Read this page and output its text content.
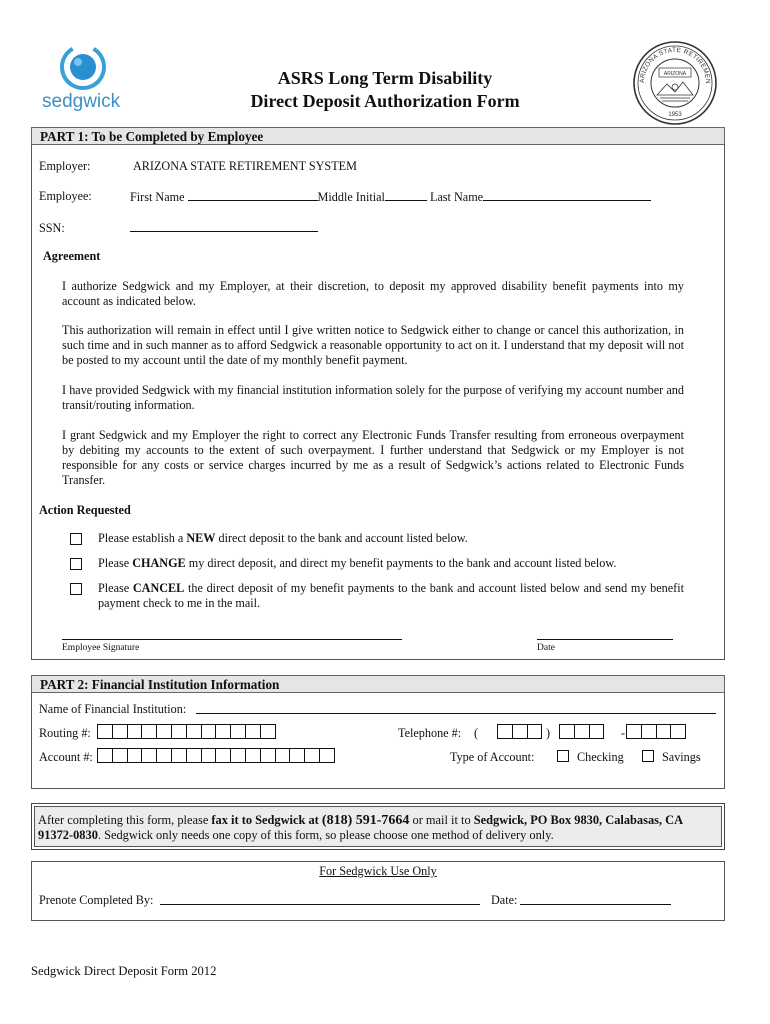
sedgwick
ASRS Long Term Disability
Direct Deposit Authorization Form
ARIZONA STATE RETIREMEN
ARIZONA
1953
PART 1: To be Completed by Employee
Employer:	ARIZONA STATE RETIREMENT SYSTEM
Employee:	First Name	Middle Initial	Last Name
SSN:
Agreement

I authorize Sedgwick and my Employer, at their discretion, to deposit my approved disability benefit payments into my account as indicated below.

This authorization will remain in effect until I give written notice to Sedgwick either to change or cancel this authorization, in such time and in such manner as to afford Sedgwick a reasonable opportunity to act on it. I understand that my deposit will not be posted to my account until the date of my monthly benefit payment.

I have provided Sedgwick with my financial institution information solely for the purpose of verifying my account number and transit/routing information.

I grant Sedgwick and my Employer the right to correct any Electronic Funds Transfer resulting from erroneous overpayment by debiting my accounts to the extent of such overpayment. I further understand that Sedgwick or my Employer is not responsible for any costs or service charges incurred by me as a result of Sedgwick’s actions related to Electronic Funds Transfer.

Action Requested
Please establish a NEW direct deposit to the bank and account listed below.
Please CHANGE my direct deposit, and direct my benefit payments to the bank and account listed below.
Please CANCEL the direct deposit of my benefit payments to the bank and account listed below and send my benefit payment check to me in the mail.
Employee Signature	Date
PART 2: Financial Institution Information
Name of Financial Institution:
Routing #:	Telephone #: (	)	-
Account #:	Type of Account:	Checking	Savings
After completing this form, please fax it to Sedgwick at (818) 591-7664 or mail it to Sedgwick, PO Box 9830, Calabasas, CA 91372-0830. Sedgwick only needs one copy of this form, so please choose one method of delivery only.
For Sedgwick Use Only
Prenote Completed By:	Date:
Sedgwick Direct Deposit Form 2012
